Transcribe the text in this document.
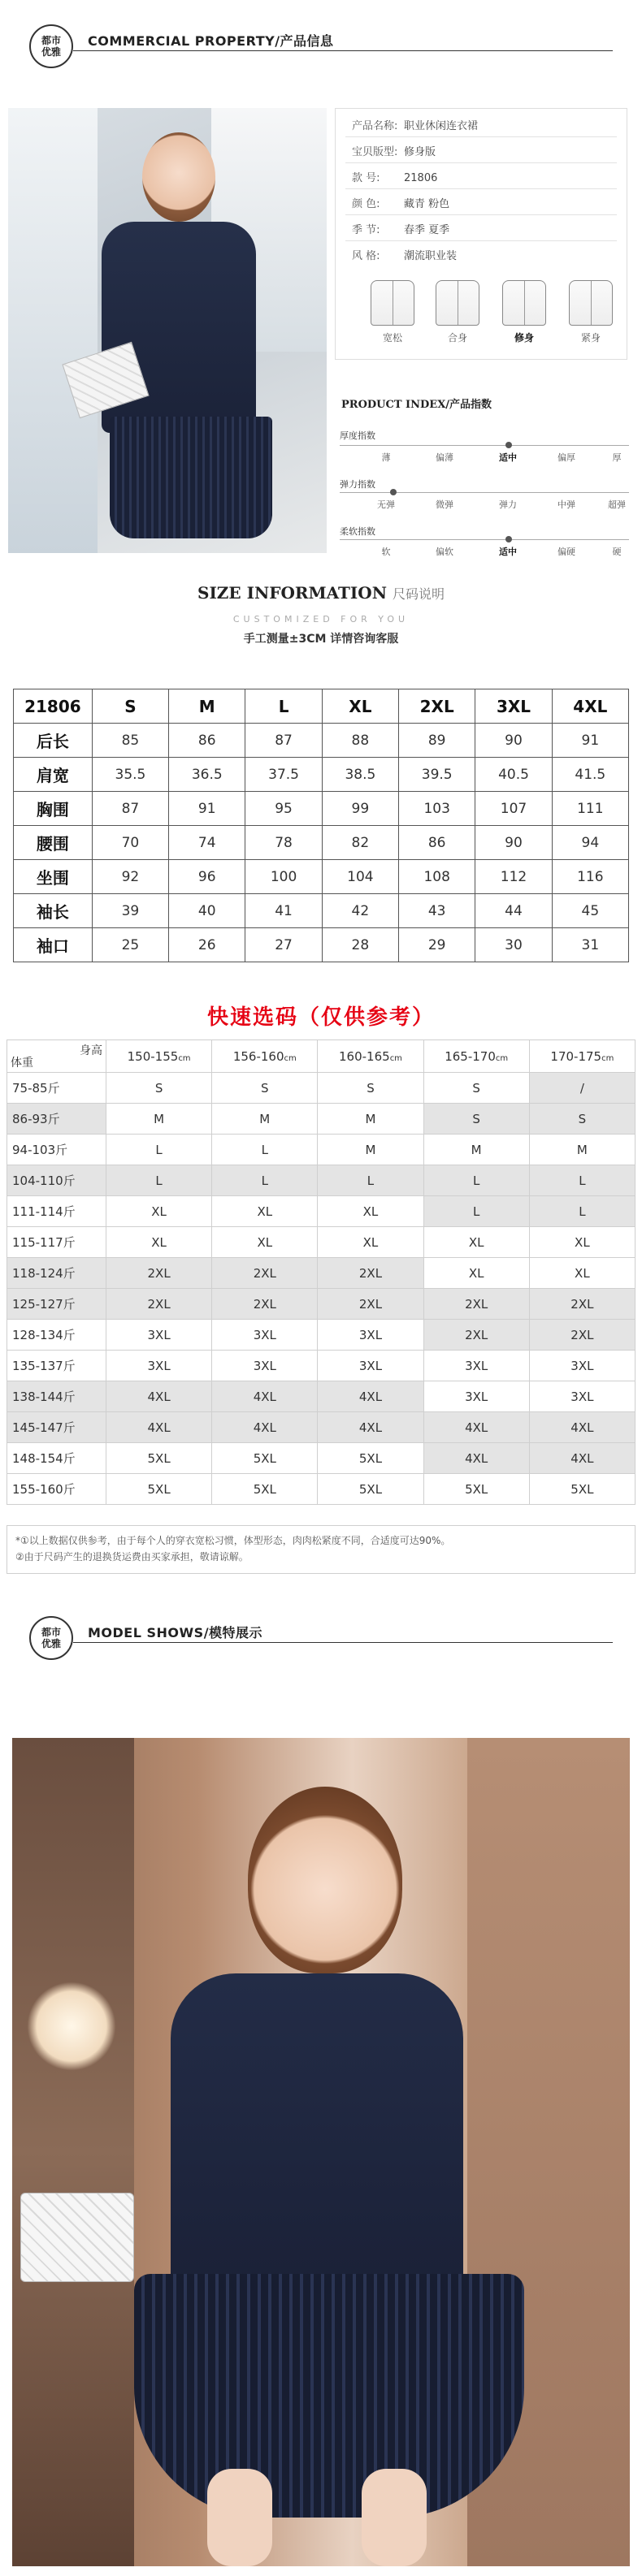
都市
优雅
COMMERCIAL PROPERTY/产品信息
产品名称: 职业休闲连衣裙
宝贝版型: 修身版
款 号: 21806
颜 色: 藏青 粉色
季 节: 春季 夏季
风 格: 潮流职业装
宽松	合身	修身	紧身
PRODUCT INDEX/产品指数
厚度指数
薄	偏薄	适中	偏厚	厚
弹力指数
无弹	微弹	弹力	中弹	超弹
柔软指数
软	偏软	适中	偏硬	硬
SIZE INFORMATION 尺码说明
CUSTOMIZED FOR YOU
手工测量±3CM 详情咨询客服
21806	S	M	L	XL	2XL	3XL	4XL
后长	85	86	87	88	89	90	91
肩宽	35.5	36.5	37.5	38.5	39.5	40.5	41.5
胸围	87	91	95	99	103	107	111
腰围	70	74	78	82	86	90	94
坐围	92	96	100	104	108	112	116
袖长	39	40	41	42	43	44	45
袖口	25	26	27	28	29	30	31
快速选码（仅供参考）
身高
体重	150-155cm	156-160cm	160-165cm	165-170cm	170-175cm
75-85斤	S	S	S	S	/
86-93斤	M	M	M	S	S
94-103斤	L	L	M	M	M
104-110斤	L	L	L	L	L
111-114斤	XL	XL	XL	L	L
115-117斤	XL	XL	XL	XL	XL
118-124斤	2XL	2XL	2XL	XL	XL
125-127斤	2XL	2XL	2XL	2XL	2XL
128-134斤	3XL	3XL	3XL	2XL	2XL
135-137斤	3XL	3XL	3XL	3XL	3XL
138-144斤	4XL	4XL	4XL	3XL	3XL
145-147斤	4XL	4XL	4XL	4XL	4XL
148-154斤	5XL	5XL	5XL	4XL	4XL
155-160斤	5XL	5XL	5XL	5XL	5XL
*①以上数据仅供参考，由于每个人的穿衣宽松习惯，体型形态，肉肉松紧度不同，合适度可达90%。
②由于尺码产生的退换货运费由买家承担，敬请谅解。
都市
优雅
MODEL SHOWS/模特展示
